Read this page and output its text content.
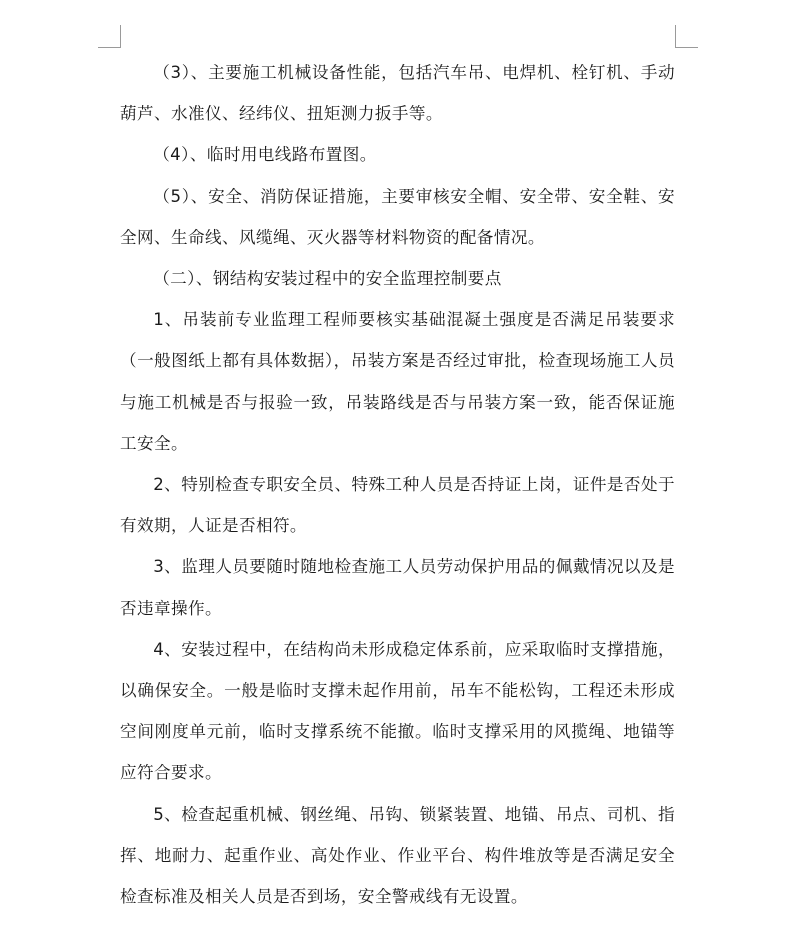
（3）、主要施工机械设备性能，包括汽车吊、电焊机、栓钉机、手动葫芦、水准仪、经纬仪、扭矩测力扳手等。

（4）、临时用电线路布置图。

（5）、安全、消防保证措施，主要审核安全帽、安全带、安全鞋、安全网、生命线、风缆绳、灭火器等材料物资的配备情况。

（二）、钢结构安装过程中的安全监理控制要点

1、吊装前专业监理工程师要核实基础混凝土强度是否满足吊装要求（一般图纸上都有具体数据），吊装方案是否经过审批，检查现场施工人员与施工机械是否与报验一致，吊装路线是否与吊装方案一致，能否保证施工安全。

2、特别检查专职安全员、特殊工种人员是否持证上岗，证件是否处于有效期，人证是否相符。

3、监理人员要随时随地检查施工人员劳动保护用品的佩戴情况以及是否违章操作。

4、安装过程中，在结构尚未形成稳定体系前，应采取临时支撑措施，以确保安全。一般是临时支撑未起作用前，吊车不能松钩，工程还未形成空间刚度单元前，临时支撑系统不能撤。临时支撑采用的风揽绳、地锚等应符合要求。

5、检查起重机械、钢丝绳、吊钩、锁紧装置、地锚、吊点、司机、指挥、地耐力、起重作业、高处作业、作业平台、构件堆放等是否满足安全检查标准及相关人员是否到场，安全警戒线有无设置。
